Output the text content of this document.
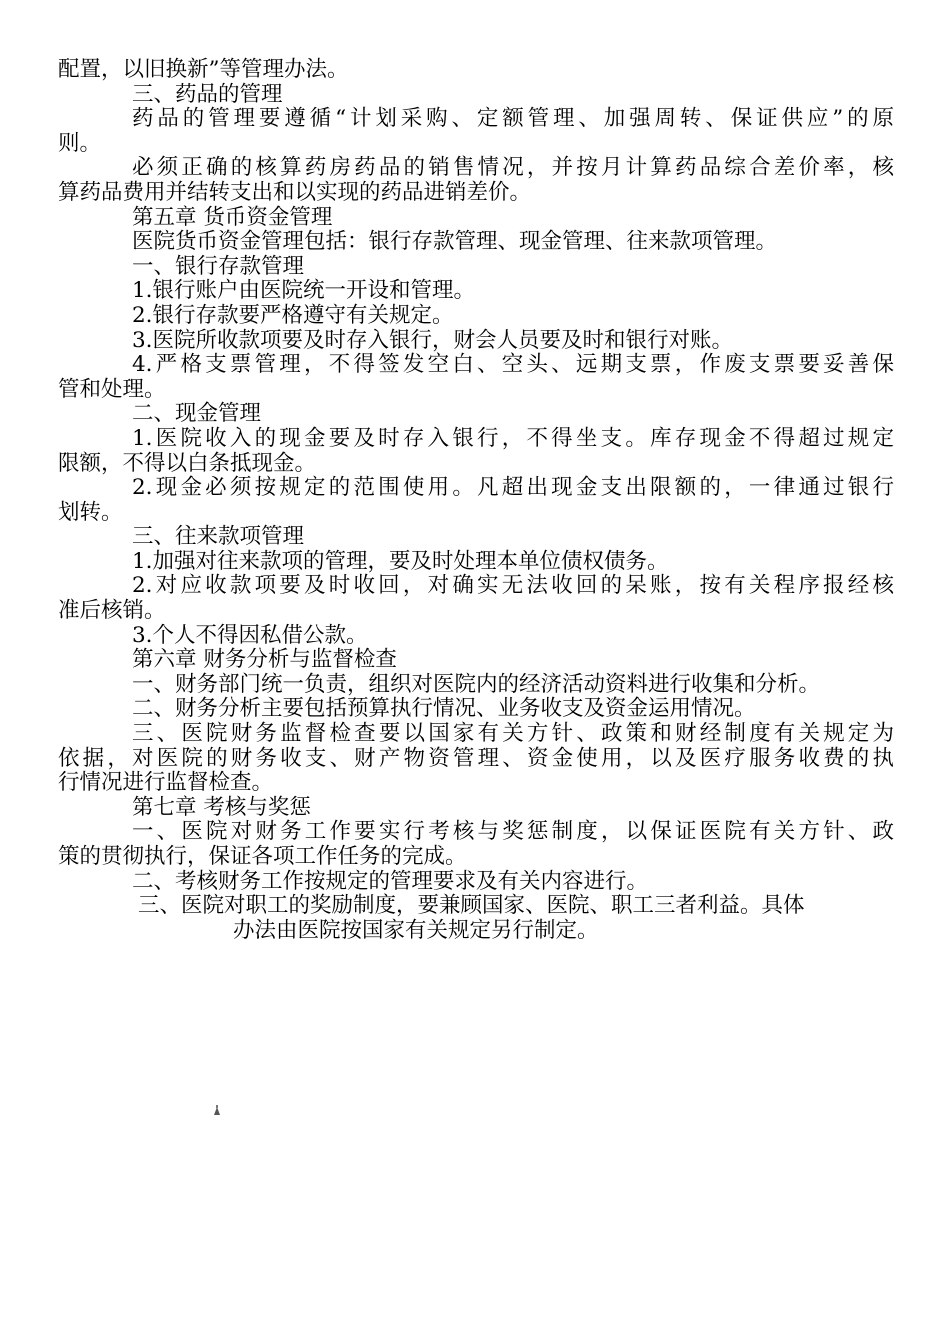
配置，以旧换新”等管理办法。
三、药品的管理
药品的管理要遵循“计划采购、定额管理、加强周转、保证供应”的原
则。
必须正确的核算药房药品的销售情况，并按月计算药品综合差价率，核
算药品费用并结转支出和以实现的药品进销差价。
第五章 货币资金管理
医院货币资金管理包括：银行存款管理、现金管理、往来款项管理。
一、银行存款管理
1.银行账户由医院统一开设和管理。
2.银行存款要严格遵守有关规定。
3.医院所收款项要及时存入银行，财会人员要及时和银行对账。
4.严格支票管理，不得签发空白、空头、远期支票，作废支票要妥善保
管和处理。
二、现金管理
1.医院收入的现金要及时存入银行，不得坐支。库存现金不得超过规定
限额，不得以白条抵现金。
2.现金必须按规定的范围使用。凡超出现金支出限额的，一律通过银行
划转。
三、往来款项管理
1.加强对往来款项的管理，要及时处理本单位债权债务。
2.对应收款项要及时收回，对确实无法收回的呆账，按有关程序报经核
准后核销。
3.个人不得因私借公款。
第六章 财务分析与监督检查
一、财务部门统一负责，组织对医院内的经济活动资料进行收集和分析。
二、财务分析主要包括预算执行情况、业务收支及资金运用情况。
三、医院财务监督检查要以国家有关方针、政策和财经制度有关规定为
依据，对医院的财务收支、财产物资管理、资金使用，以及医疗服务收费的执
行情况进行监督检查。
第七章 考核与奖惩
一、医院对财务工作要实行考核与奖惩制度，以保证医院有关方针、政
策的贯彻执行，保证各项工作任务的完成。
二、考核财务工作按规定的管理要求及有关内容进行。
三、医院对职工的奖励制度，要兼顾国家、医院、职工三者利益。具体
办法由医院按国家有关规定另行制定。
